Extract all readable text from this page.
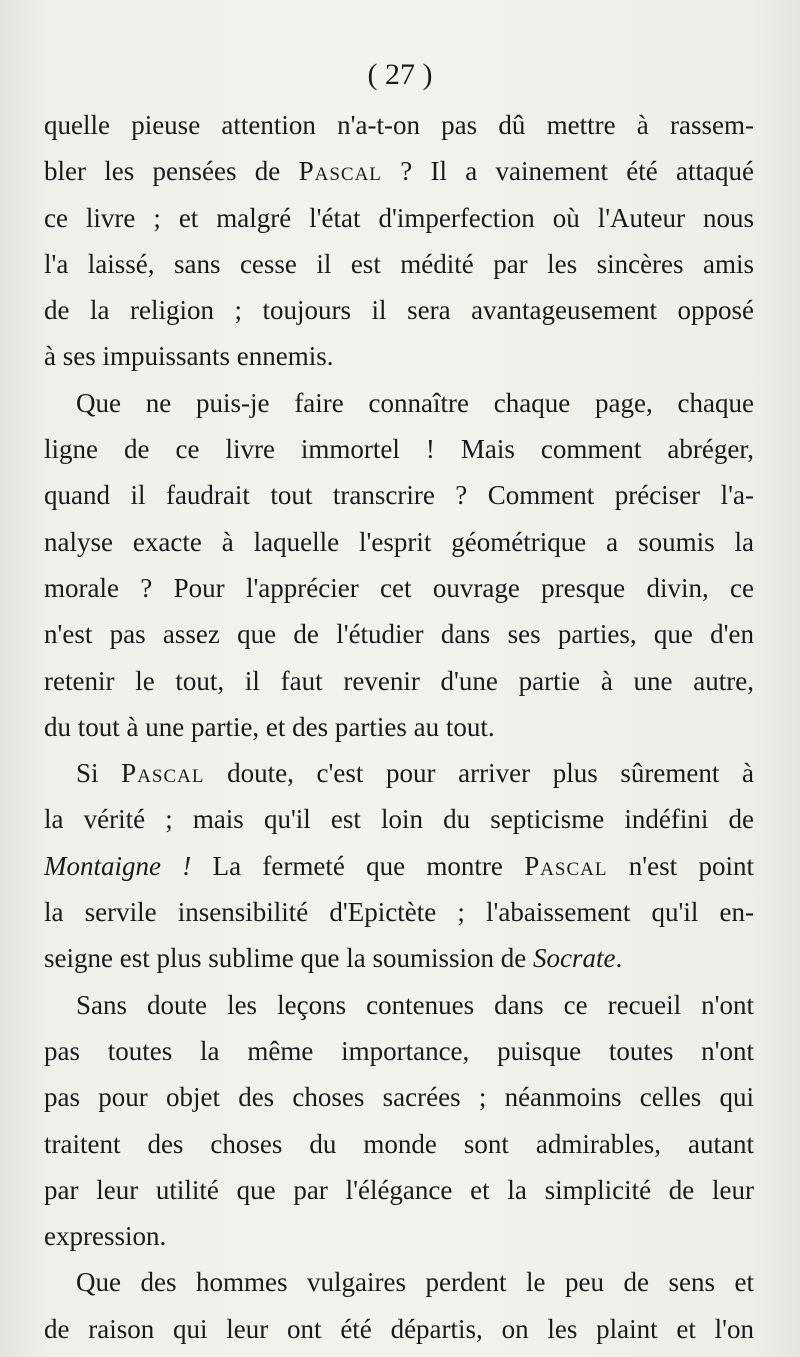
( 27 )
quelle pieuse attention n'a-t-on pas dû mettre à rassem-
bler les pensées de Pascal ? Il a vainement été attaqué
ce livre ; et malgré l'état d'imperfection où l'Auteur nous
l'a laissé, sans cesse il est médité par les sincères amis
de la religion ; toujours il sera avantageusement opposé
à ses impuissants ennemis.
Que ne puis-je faire connaître chaque page, chaque
ligne de ce livre immortel ! Mais comment abréger,
quand il faudrait tout transcrire ? Comment préciser l'a-
nalyse exacte à laquelle l'esprit géométrique a soumis la
morale ? Pour l'apprécier cet ouvrage presque divin, ce
n'est pas assez que de l'étudier dans ses parties, que d'en
retenir le tout, il faut revenir d'une partie à une autre,
du tout à une partie, et des parties au tout.
Si Pascal doute, c'est pour arriver plus sûrement à
la vérité ; mais qu'il est loin du septicisme indéfini de
Montaigne ! La fermeté que montre Pascal n'est point
la servile insensibilité d'Epictète ; l'abaissement qu'il en-
seigne est plus sublime que la soumission de Socrate.
Sans doute les leçons contenues dans ce recueil n'ont
pas toutes la même importance, puisque toutes n'ont
pas pour objet des choses sacrées ; néanmoins celles qui
traitent des choses du monde sont admirables, autant
par leur utilité que par l'élégance et la simplicité de leur
expression.
Que des hommes vulgaires perdent le peu de sens et
de raison qui leur ont été départis, on les plaint et l'on
